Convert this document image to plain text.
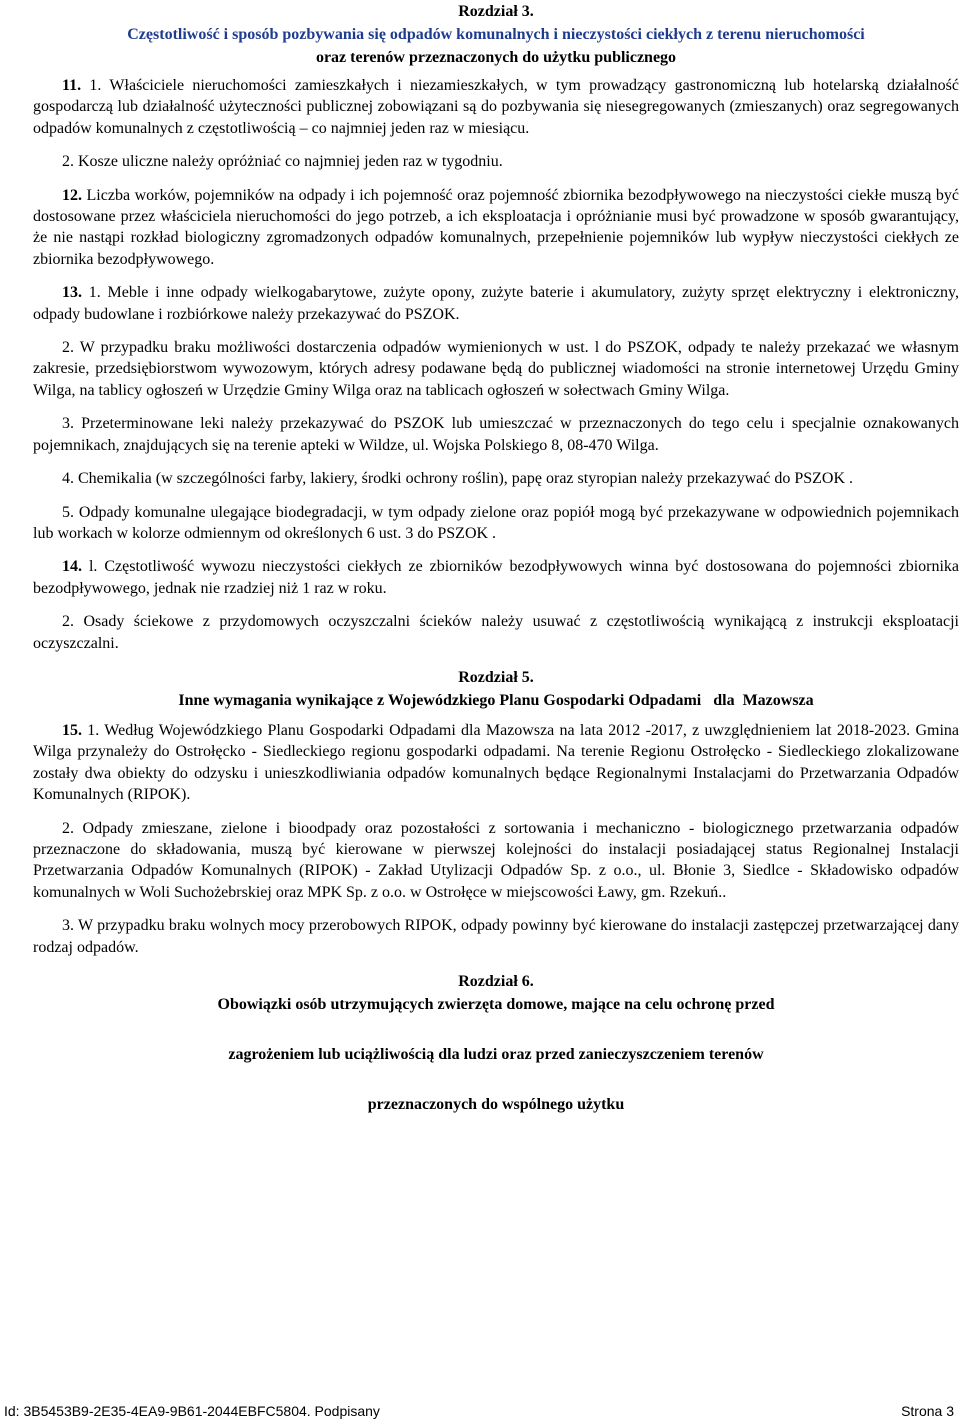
Rozdział 3.

Częstotliwość i sposób pozbywania się odpadów komunalnych i nieczystości ciekłych z terenu nieruchomości

oraz terenów przeznaczonych do użytku publicznego

11. 1. Właściciele nieruchomości zamieszkałych i niezamieszkałych, w tym prowadzący gastronomiczną lub hotelarską działalność gospodarczą lub działalność użyteczności publicznej zobowiązani są do pozbywania się niesegregowanych (zmieszanych) oraz segregowanych odpadów komunalnych z częstotliwością – co najmniej jeden raz w miesiącu.

2. Kosze uliczne należy opróżniać co najmniej jeden raz w tygodniu.

12. Liczba worków, pojemników na odpady i ich pojemność oraz pojemność zbiornika bezodpływowego na nieczystości ciekłe muszą być dostosowane przez właściciela nieruchomości do jego potrzeb, a ich eksploatacja i opróżnianie musi być prowadzone w sposób gwarantujący, że nie nastąpi rozkład biologiczny zgromadzonych odpadów komunalnych, przepełnienie pojemników lub wypływ nieczystości ciekłych ze zbiornika bezodpływowego.

13. 1. Meble i inne odpady wielkogabarytowe, zużyte opony, zużyte baterie i akumulatory, zużyty sprzęt elektryczny i elektroniczny, odpady budowlane i rozbiórkowe należy przekazywać do PSZOK.

2. W przypadku braku możliwości dostarczenia odpadów wymienionych w ust. l do PSZOK, odpady te należy przekazać we własnym zakresie, przedsiębiorstwom wywozowym, których adresy podawane będą do publicznej wiadomości na stronie internetowej Urzędu Gminy Wilga, na tablicy ogłoszeń w Urzędzie Gminy Wilga oraz na tablicach ogłoszeń w sołectwach Gminy Wilga.

3. Przeterminowane leki należy przekazywać do PSZOK lub umieszczać w przeznaczonych do tego celu i specjalnie oznakowanych pojemnikach, znajdujących się na terenie apteki w Wildze, ul. Wojska Polskiego 8, 08-470 Wilga.

4. Chemikalia (w szczególności farby, lakiery, środki ochrony roślin), papę oraz styropian należy przekazywać do PSZOK .

5. Odpady komunalne ulegające biodegradacji, w tym odpady zielone oraz popiół mogą być przekazywane w odpowiednich pojemnikach lub workach w kolorze odmiennym od określonych 6 ust. 3 do PSZOK .

14. l. Częstotliwość wywozu nieczystości ciekłych ze zbiorników bezodpływowych winna być dostosowana do pojemności zbiornika bezodpływowego, jednak nie rzadziej niż 1 raz w roku.

2. Osady ściekowe z przydomowych oczyszczalni ścieków należy usuwać z częstotliwością wynikającą z instrukcji eksploatacji oczyszczalni.

Rozdział 5.

Inne wymagania wynikające z Wojewódzkiego Planu Gospodarki Odpadami   dla  Mazowsza

15. 1. Według Wojewódzkiego Planu Gospodarki Odpadami dla Mazowsza na lata 2012 -2017, z uwzględnieniem lat 2018-2023. Gmina Wilga przynależy do Ostrołęcko - Siedleckiego regionu gospodarki odpadami. Na terenie Regionu Ostrołęcko - Siedleckiego zlokalizowane zostały dwa obiekty do odzysku i unieszkodliwiania odpadów komunalnych będące Regionalnymi Instalacjami do Przetwarzania Odpadów Komunalnych (RIPOK).

2. Odpady zmieszane, zielone i bioodpady oraz pozostałości z sortowania i mechaniczno - biologicznego przetwarzania odpadów przeznaczone do składowania, muszą być kierowane w pierwszej kolejności do instalacji posiadającej status Regionalnej Instalacji Przetwarzania Odpadów Komunalnych (RIPOK) - Zakład Utylizacji Odpadów Sp. z o.o., ul. Błonie 3, Siedlce - Składowisko odpadów komunalnych w Woli Suchożebrskiej oraz MPK Sp. z o.o. w Ostrołęce w miejscowości Ławy, gm. Rzekuń..

3. W przypadku braku wolnych mocy przerobowych RIPOK, odpady powinny być kierowane do instalacji zastępczej przetwarzającej dany rodzaj odpadów.

Rozdział 6.

Obowiązki osób utrzymujących zwierzęta domowe, mające na celu ochronę przed

zagrożeniem lub uciążliwością dla ludzi oraz przed zanieczyszczeniem terenów

przeznaczonych do wspólnego użytku

Id: 3B5453B9-2E35-4EA9-9B61-2044EBFC5804. Podpisany	Strona 3
